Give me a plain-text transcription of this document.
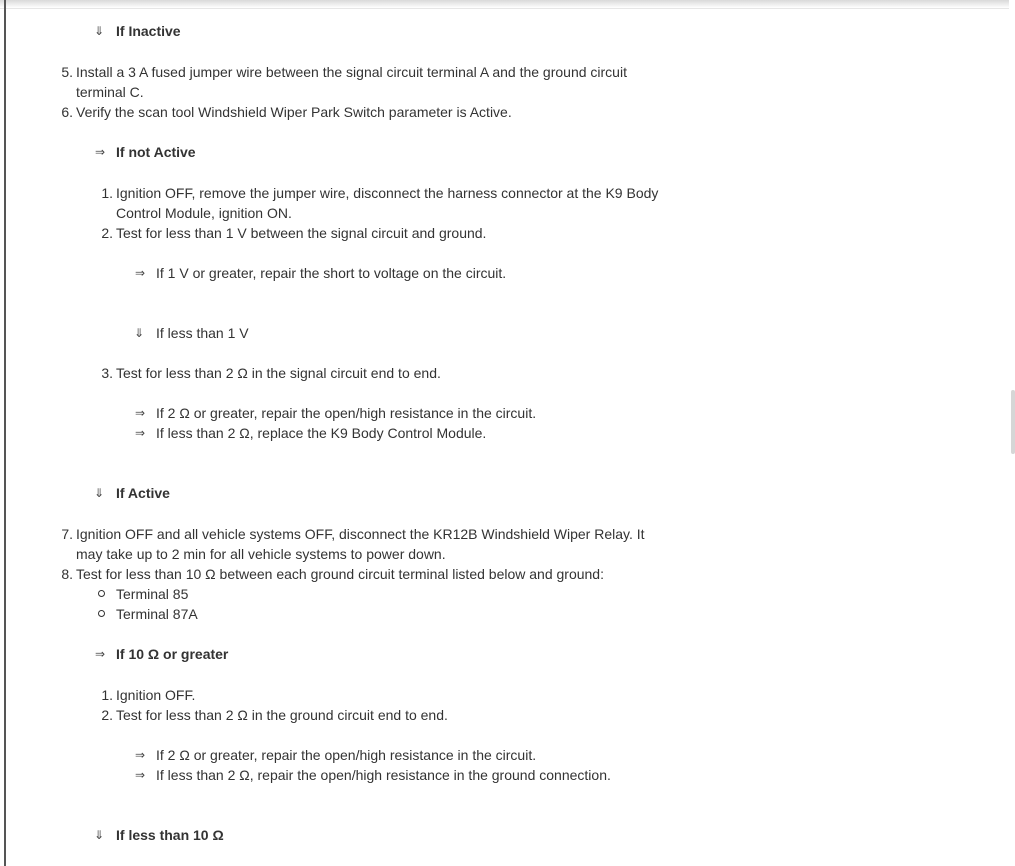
⇓ If Inactive
5. Install a 3 A fused jumper wire between the signal circuit terminal A and the ground circuit
terminal C.
6. Verify the scan tool Windshield Wiper Park Switch parameter is Active.
⇒ If not Active
1. Ignition OFF, remove the jumper wire, disconnect the harness connector at the K9 Body
Control Module, ignition ON.
2. Test for less than 1 V between the signal circuit and ground.
⇒ If 1 V or greater, repair the short to voltage on the circuit.
⇓ If less than 1 V
3. Test for less than 2 Ω in the signal circuit end to end.
⇒ If 2 Ω or greater, repair the open/high resistance in the circuit.
⇒ If less than 2 Ω, replace the K9 Body Control Module.
⇓ If Active
7. Ignition OFF and all vehicle systems OFF, disconnect the KR12B Windshield Wiper Relay. It
may take up to 2 min for all vehicle systems to power down.
8. Test for less than 10 Ω between each ground circuit terminal listed below and ground:
Terminal 85
Terminal 87A
⇒ If 10 Ω or greater
1. Ignition OFF.
2. Test for less than 2 Ω in the ground circuit end to end.
⇒ If 2 Ω or greater, repair the open/high resistance in the circuit.
⇒ If less than 2 Ω, repair the open/high resistance in the ground connection.
⇓ If less than 10 Ω
